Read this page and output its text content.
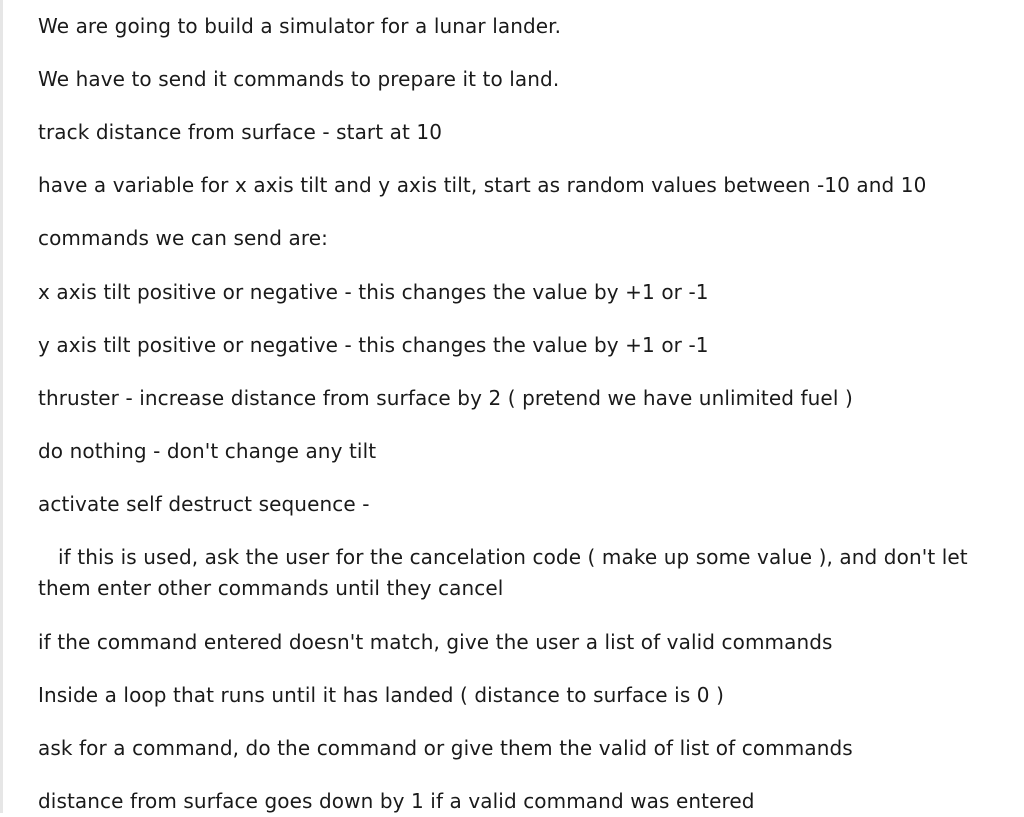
We are going to build a simulator for a lunar lander.
We have to send it commands to prepare it to land.
track distance from surface - start at 10
have a variable for x axis tilt and y axis tilt, start as random values between -10 and 10
commands we can send are:
x axis tilt positive or negative - this changes the value by +1 or -1
y axis tilt positive or negative - this changes the value by +1 or -1
thruster - increase distance from surface by 2 ( pretend we have unlimited fuel )
do nothing - don't change any tilt
activate self destruct sequence -
if this is used, ask the user for the cancelation code ( make up some value ), and don't let them enter other commands until they cancel
if the command entered doesn't match, give the user a list of valid commands
Inside a loop that runs until it has landed ( distance to surface is 0 )
ask for a command, do the command or give them the valid of list of commands
distance from surface goes down by 1 if a valid command was entered
